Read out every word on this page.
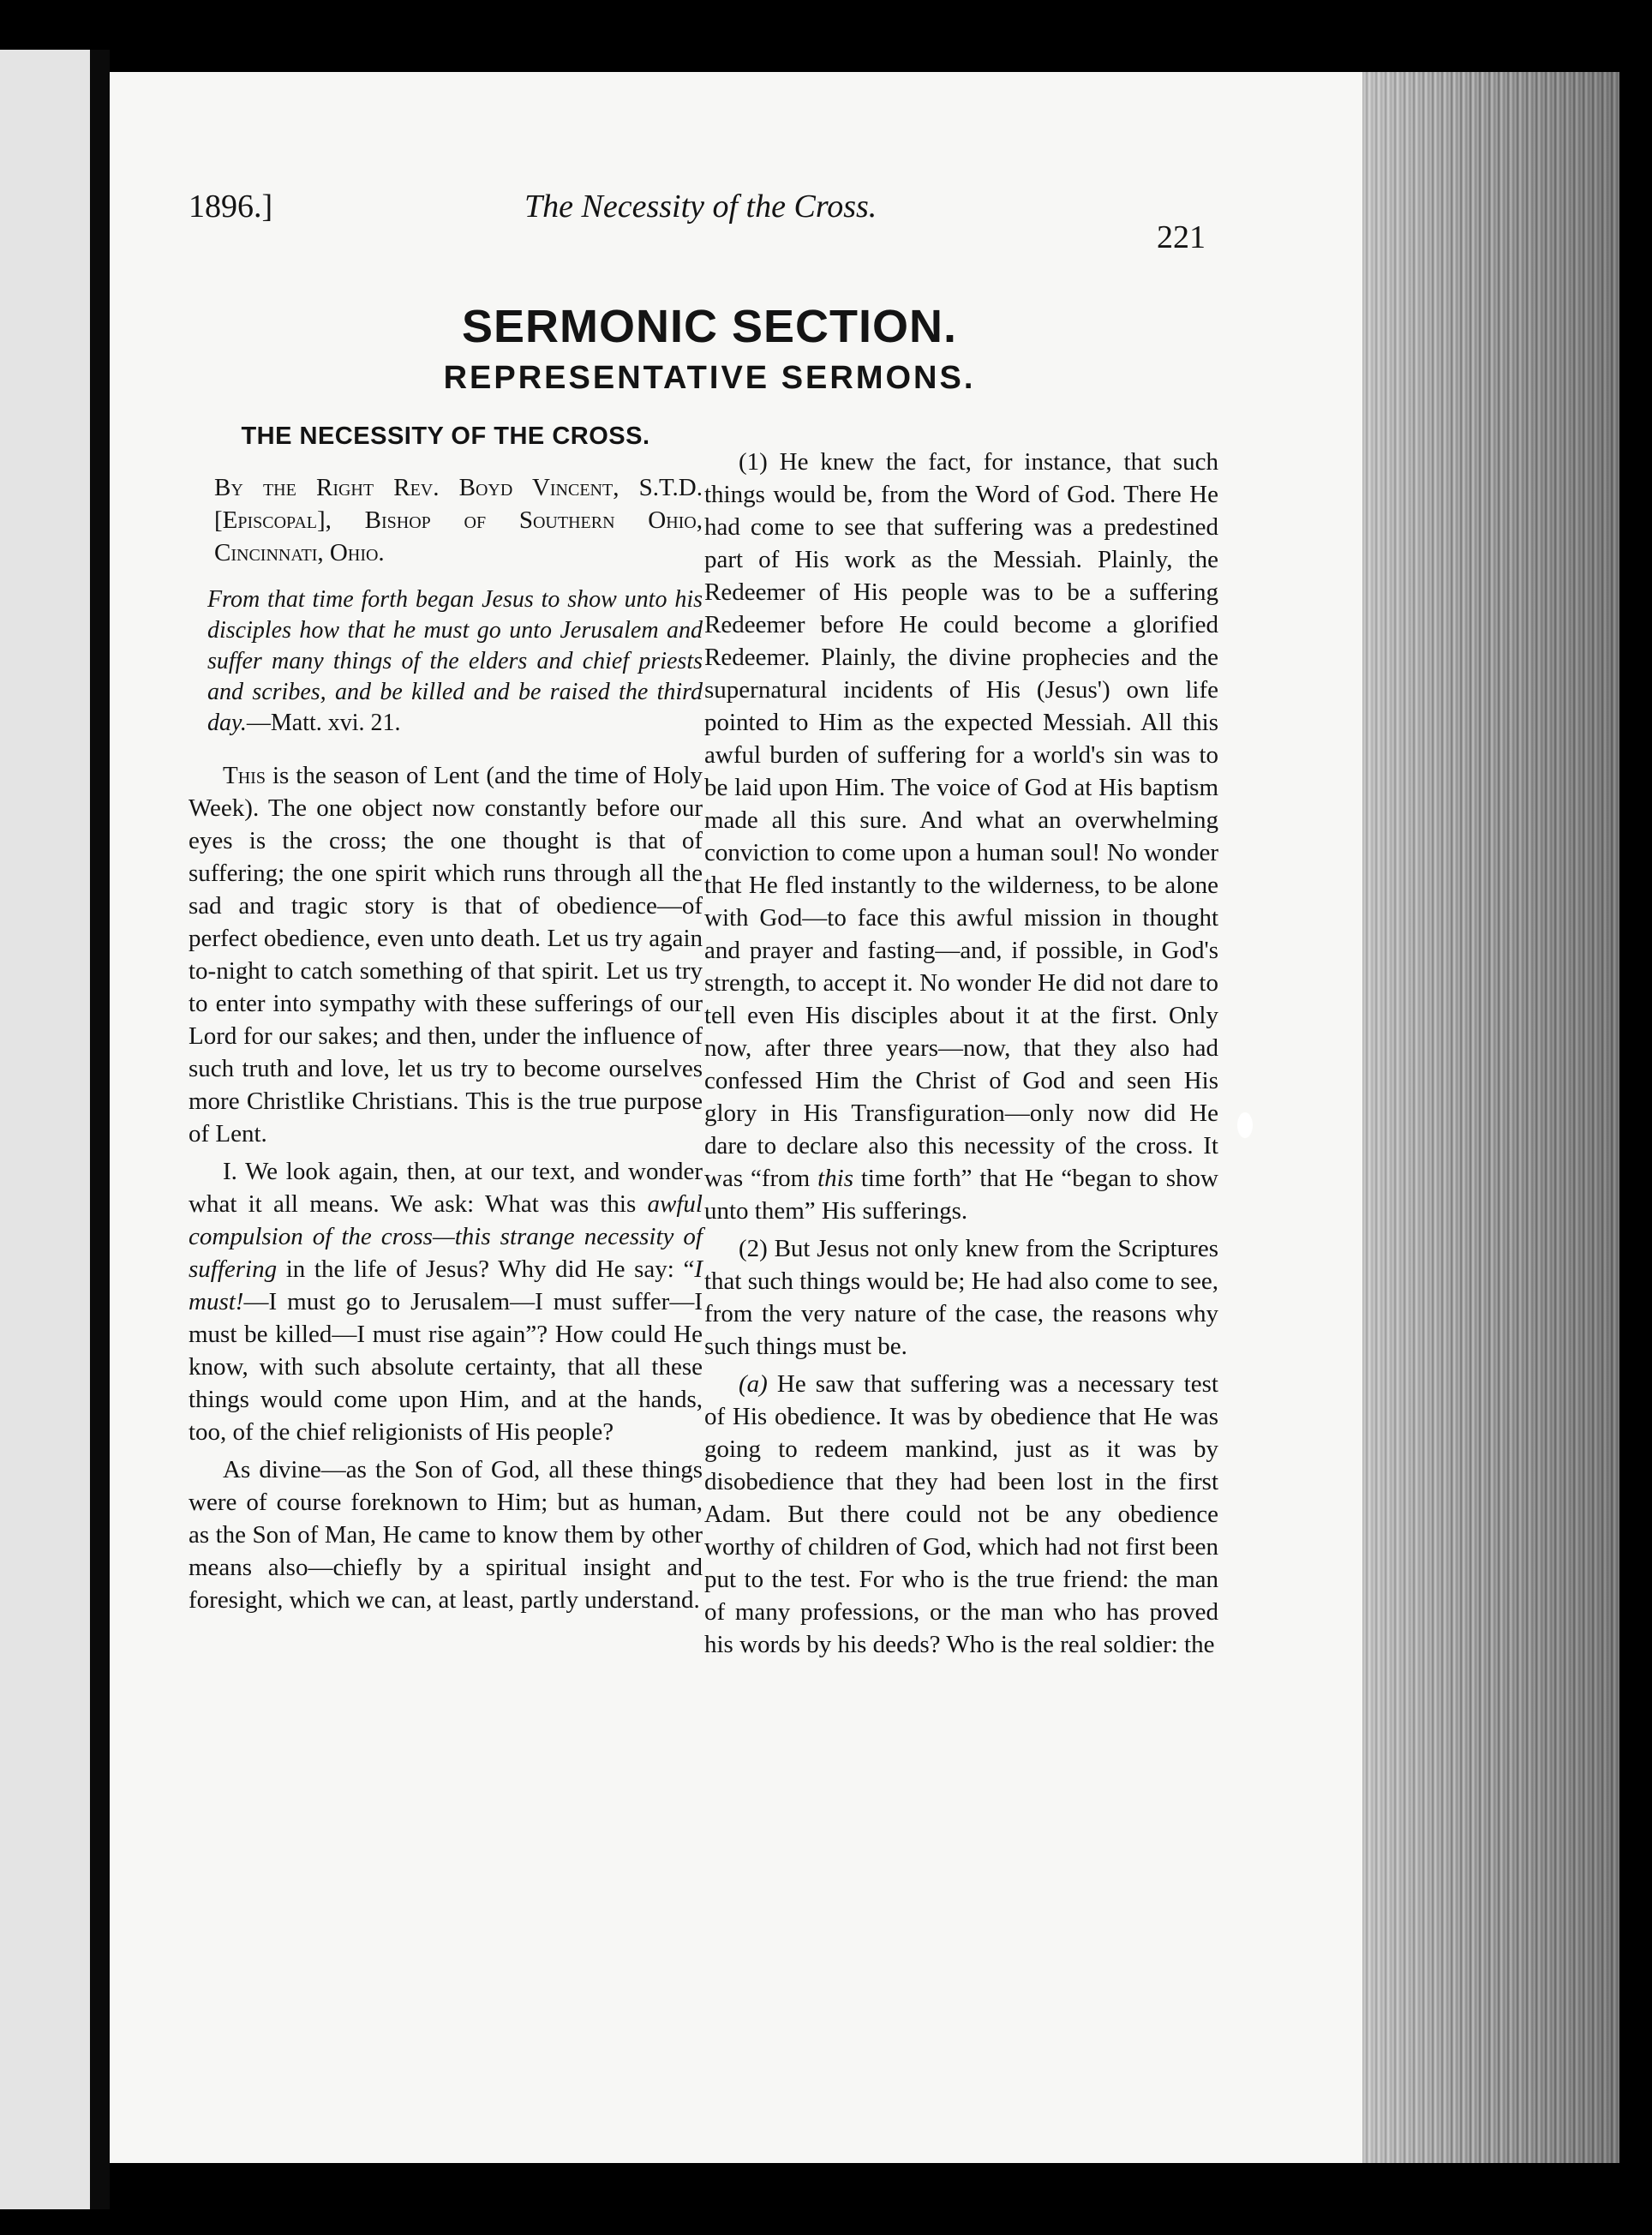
1896.]	The Necessity of the Cross.
221
SERMONIC SECTION.
REPRESENTATIVE SERMONS.
THE NECESSITY OF THE CROSS.
By the Right Rev. Boyd Vincent, S.T.D. [Episcopal], Bishop of Southern Ohio, Cincinnati, Ohio.
From that time forth began Jesus to show unto his disciples how that he must go unto Jerusalem and suffer many things of the elders and chief priests and scribes, and be killed and be raised the third day.—Matt. xvi. 21.

This is the season of Lent (and the time of Holy Week). The one object now constantly before our eyes is the cross; the one thought is that of suffering; the one spirit which runs through all the sad and tragic story is that of obedience—of perfect obedience, even unto death. Let us try again to-night to catch something of that spirit. Let us try to enter into sympathy with these sufferings of our Lord for our sakes; and then, under the influence of such truth and love, let us try to become ourselves more Christlike Christians. This is the true purpose of Lent.

I. We look again, then, at our text, and wonder what it all means. We ask: What was this awful compulsion of the cross—this strange necessity of suffering in the life of Jesus? Why did He say: “I must!—I must go to Jerusalem—I must suffer—I must be killed—I must rise again”? How could He know, with such absolute certainty, that all these things would come upon Him, and at the hands, too, of the chief religionists of His people?

As divine—as the Son of God, all these things were of course foreknown to Him; but as human, as the Son of Man, He came to know them by other means also—chiefly by a spiritual insight and foresight, which we can, at least, partly understand.

(1) He knew the fact, for instance, that such things would be, from the Word of God. There He had come to see that suffering was a predestined part of His work as the Messiah. Plainly, the Redeemer of His people was to be a suffering Redeemer before He could become a glorified Redeemer. Plainly, the divine prophecies and the supernatural incidents of His (Jesus') own life pointed to Him as the expected Messiah. All this awful burden of suffering for a world's sin was to be laid upon Him. The voice of God at His baptism made all this sure. And what an overwhelming conviction to come upon a human soul! No wonder that He fled instantly to the wilderness, to be alone with God—to face this awful mission in thought and prayer and fasting—and, if possible, in God's strength, to accept it. No wonder He did not dare to tell even His disciples about it at the first. Only now, after three years—now, that they also had confessed Him the Christ of God and seen His glory in His Transfiguration—only now did He dare to declare also this necessity of the cross. It was “from this time forth” that He “began to show unto them” His sufferings.

(2) But Jesus not only knew from the Scriptures that such things would be; He had also come to see, from the very nature of the case, the reasons why such things must be.

(a) He saw that suffering was a necessary test of His obedience. It was by obedience that He was going to redeem mankind, just as it was by disobedience that they had been lost in the first Adam. But there could not be any obedience worthy of children of God, which had not first been put to the test. For who is the true friend: the man of many professions, or the man who has proved his words by his deeds? Who is the real soldier: the
